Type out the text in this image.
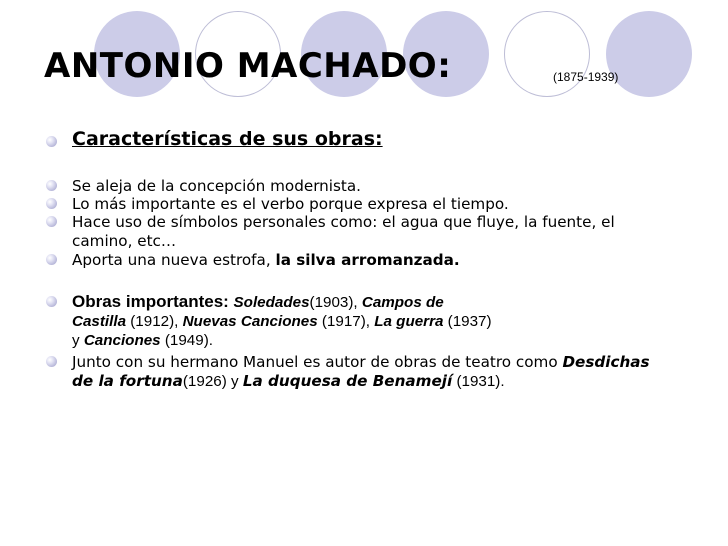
ANTONIO MACHADO:	(1875-1939)
Características de sus obras:
Se aleja de la concepción modernista.
Lo más importante es el verbo porque expresa el tiempo.
Hace uso de símbolos personales como: el agua que fluye, la fuente, el
camino, etc…
Aporta una nueva estrofa, la silva arromanzada.
Obras importantes: Soledades(1903), Campos de
Castilla (1912), Nuevas Canciones (1917), La guerra (1937)
y Canciones (1949).
Junto con su hermano Manuel es autor de obras de teatro como Desdichas
de la fortuna(1926) y La duquesa de Benamejí (1931).
